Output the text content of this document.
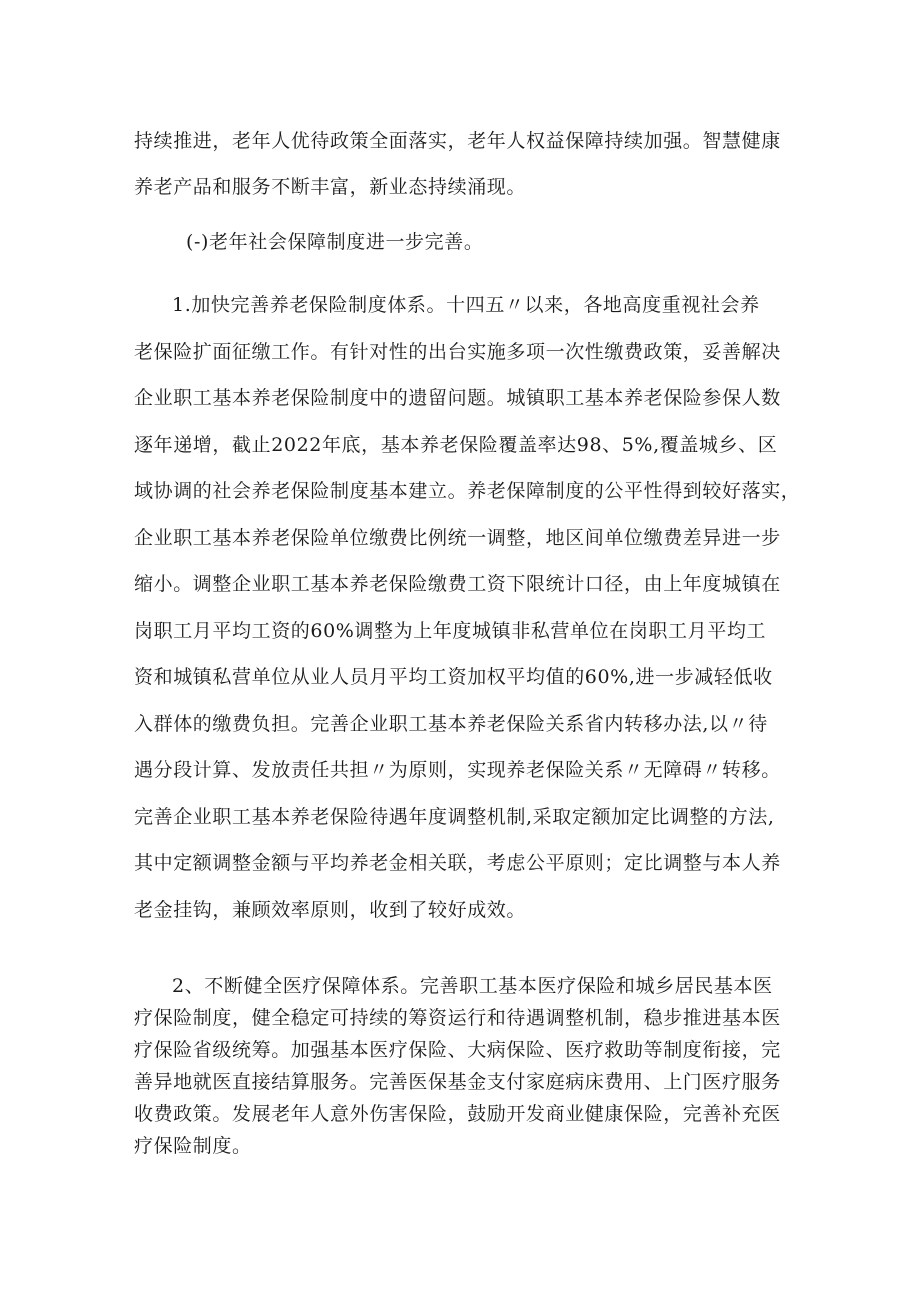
持续推进，老年人优待政策全面落实，老年人权益保障持续加强。智慧健康
养老产品和服务不断丰富，新业态持续涌现。
(-)老年社会保障制度进一步完善。
1.加快完善养老保险制度体系。十四五〃以来，各地高度重视社会养
老保险扩面征缴工作。有针对性的出台实施多项一次性缴费政策，妥善解决
企业职工基本养老保险制度中的遗留问题。城镇职工基本养老保险参保人数
逐年递增，截止2022年底，基本养老保险覆盖率达98、5%,覆盖城乡、区
域协调的社会养老保险制度基本建立。养老保障制度的公平性得到较好落实，
企业职工基本养老保险单位缴费比例统一调整，地区间单位缴费差异进一步
缩小。调整企业职工基本养老保险缴费工资下限统计口径，由上年度城镇在
岗职工月平均工资的60%调整为上年度城镇非私营单位在岗职工月平均工
资和城镇私营单位从业人员月平均工资加权平均值的60%,进一步减轻低收
入群体的缴费负担。完善企业职工基本养老保险关系省内转移办法,以〃待
遇分段计算、发放责任共担〃为原则，实现养老保险关系〃无障碍〃转移。
完善企业职工基本养老保险待遇年度调整机制,采取定额加定比调整的方法,
其中定额调整金额与平均养老金相关联，考虑公平原则；定比调整与本人养
老金挂钩，兼顾效率原则，收到了较好成效。
2、不断健全医疗保障体系。完善职工基本医疗保险和城乡居民基本医
疗保险制度，健全稳定可持续的筹资运行和待遇调整机制，稳步推进基本医
疗保险省级统筹。加强基本医疗保险、大病保险、医疗救助等制度衔接，完
善异地就医直接结算服务。完善医保基金支付家庭病床费用、上门医疗服务
收费政策。发展老年人意外伤害保险，鼓励开发商业健康保险，完善补充医
疗保险制度。
